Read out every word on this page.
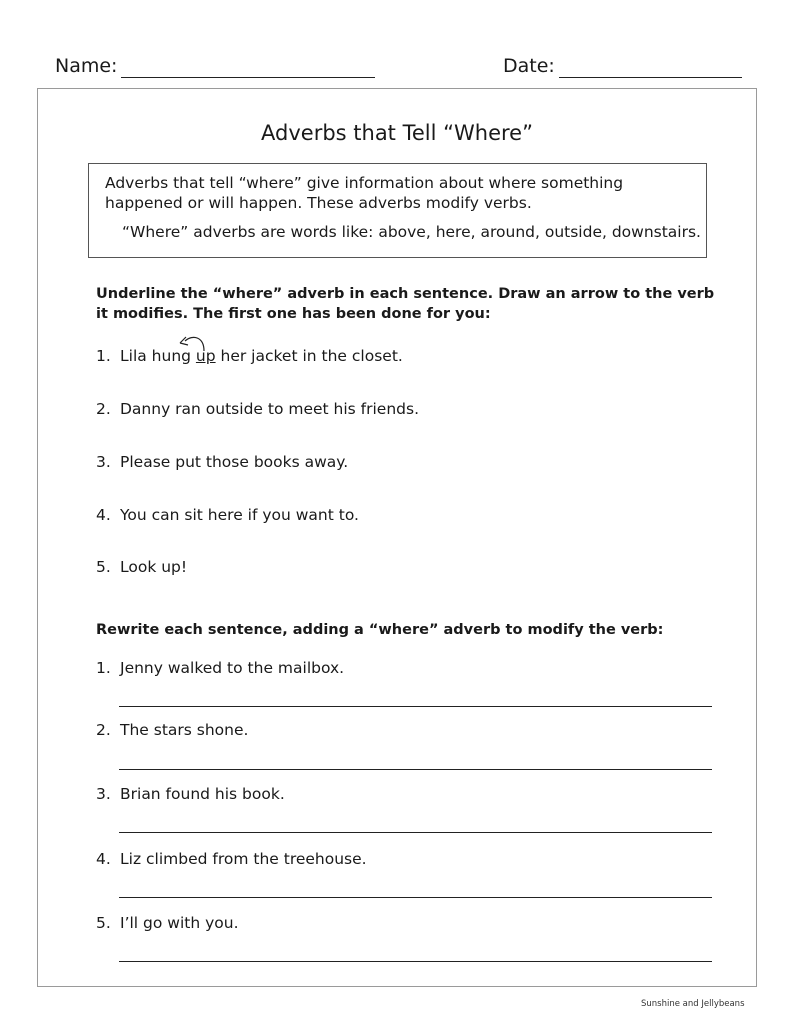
Name:	Date:
Adverbs that Tell “Where”
Adverbs that tell “where” give information about where something happened or will happen. These adverbs modify verbs.
“Where” adverbs are words like: above, here, around, outside, downstairs.
Underline the “where” adverb in each sentence. Draw an arrow to the verb it modifies. The first one has been done for you:
1. Lila hung up her jacket in the closet.
2. Danny ran outside to meet his friends.
3. Please put those books away.
4. You can sit here if you want to.
5. Look up!
Rewrite each sentence, adding a “where” adverb to modify the verb:
1. Jenny walked to the mailbox.
2. The stars shone.
3. Brian found his book.
4. Liz climbed from the treehouse.
5. I’ll go with you.
Sunshine and Jellybeans
